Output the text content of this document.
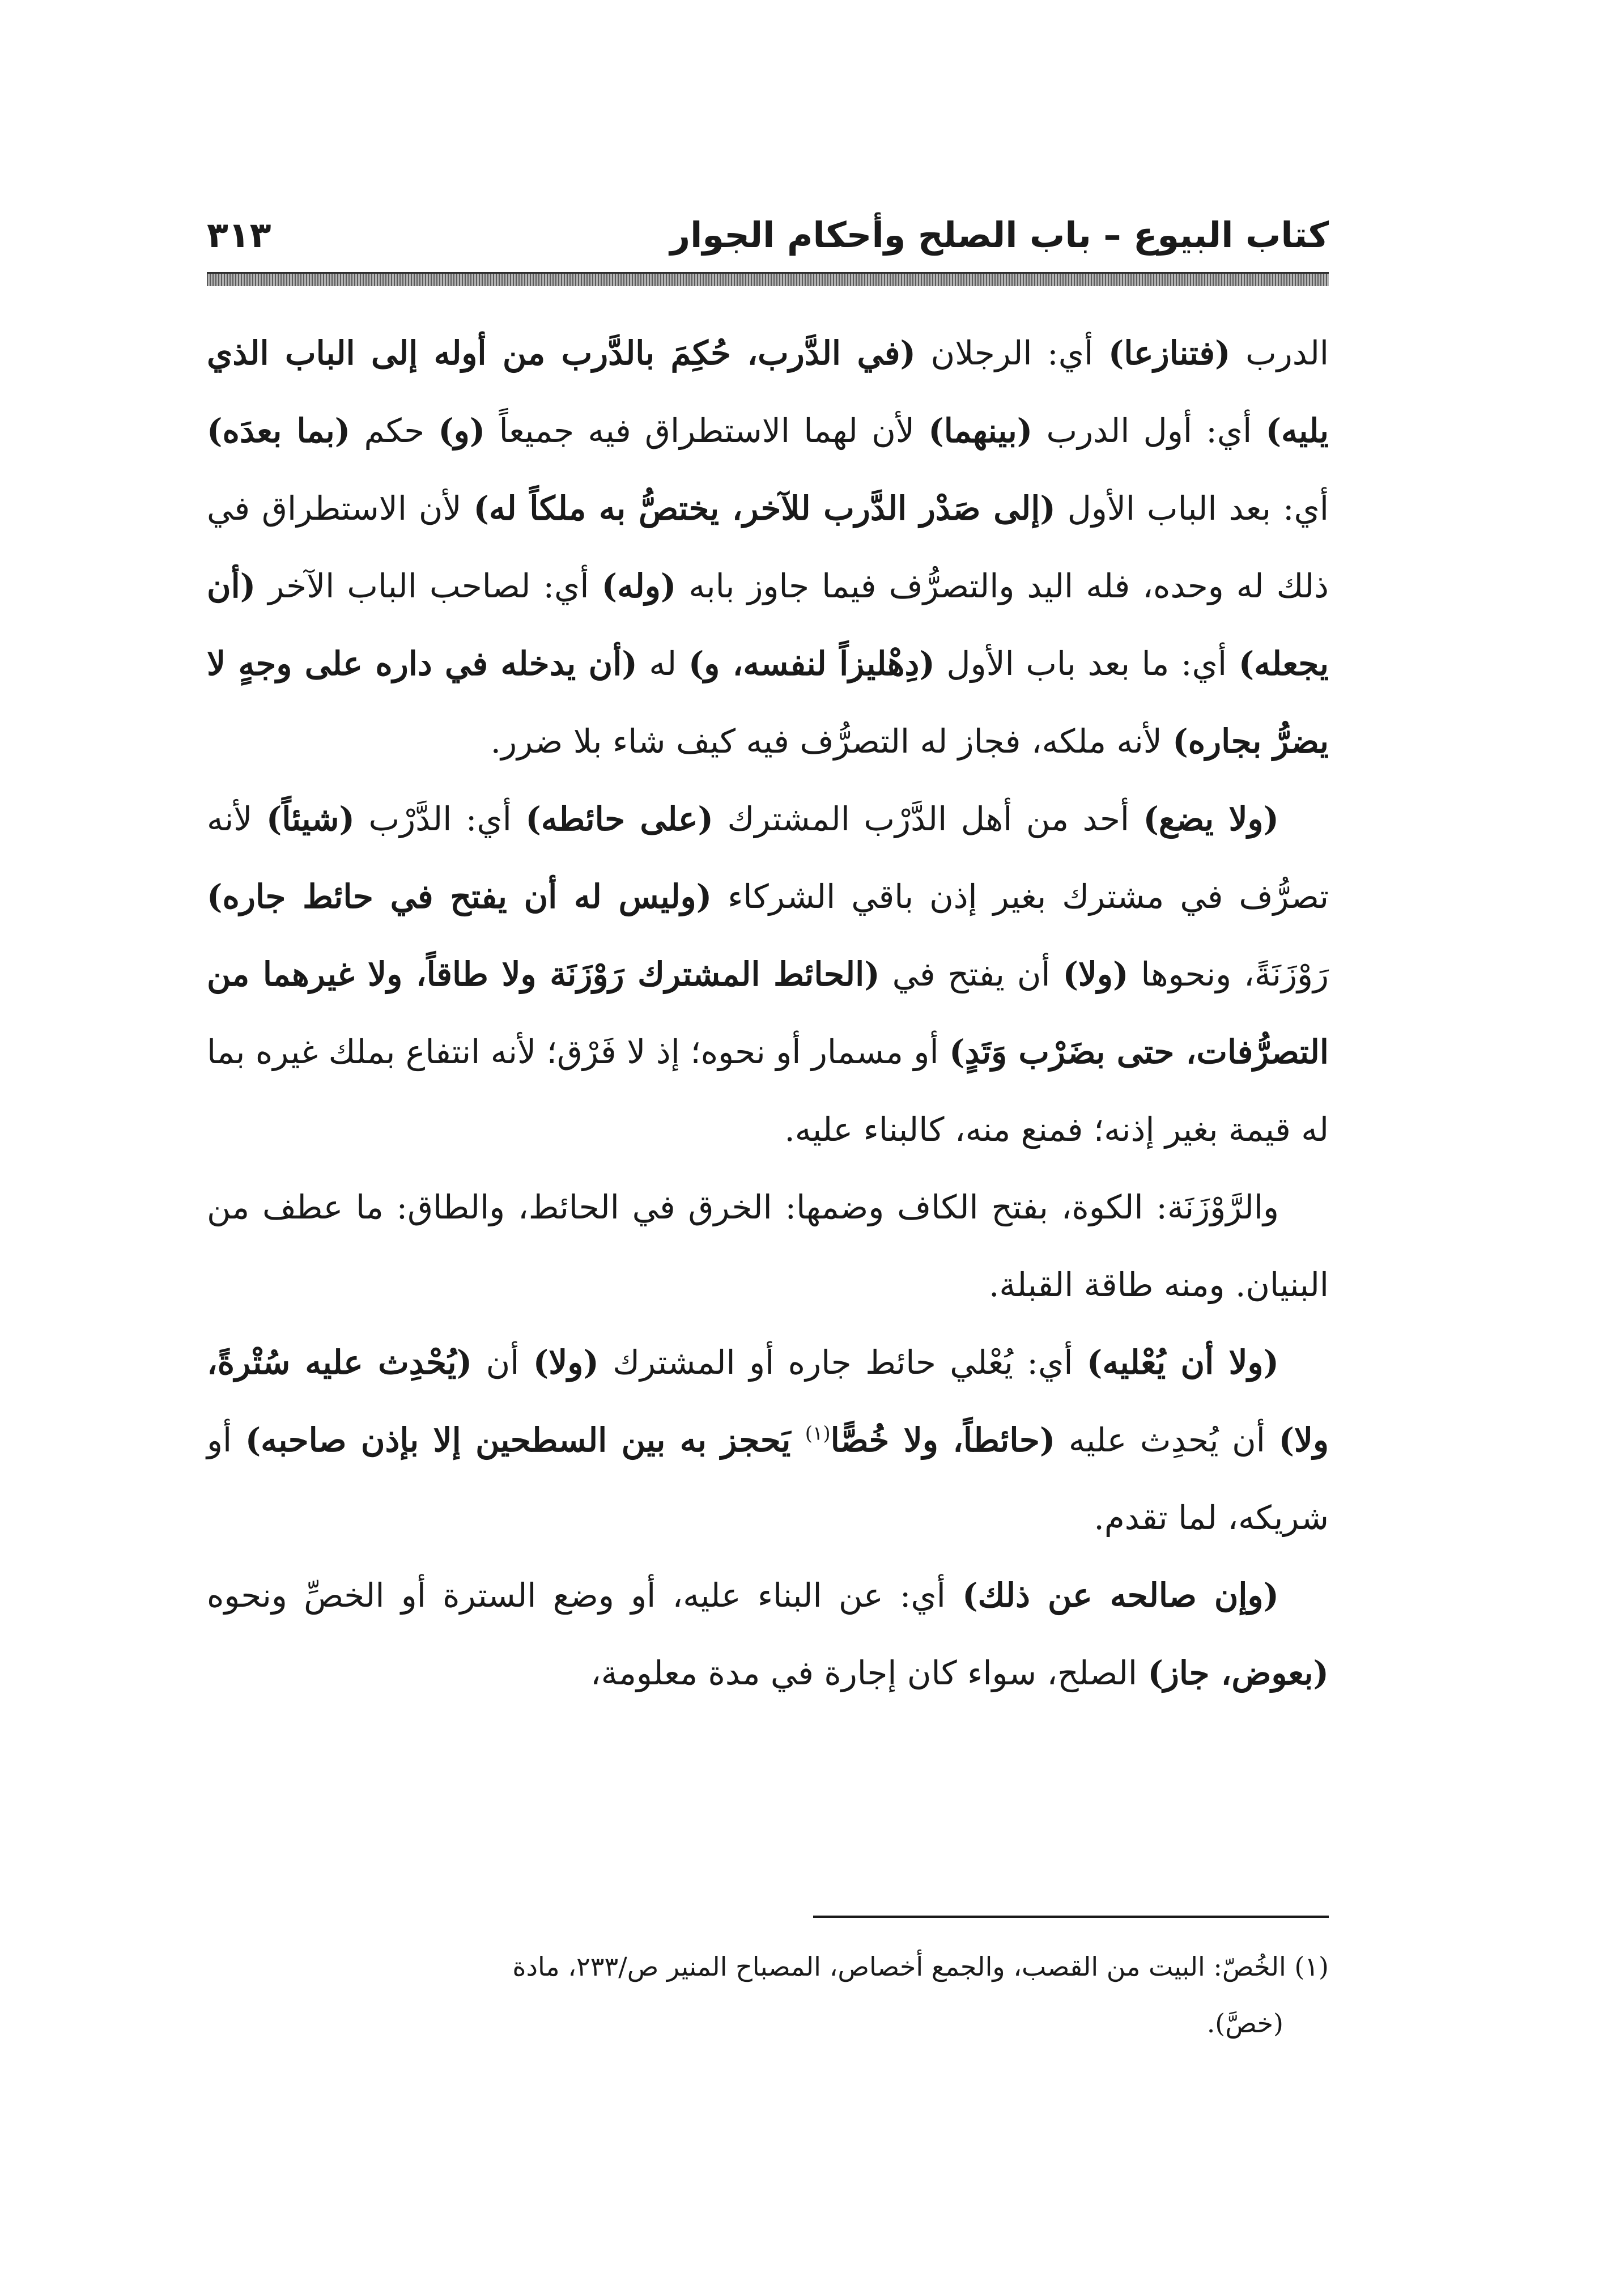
كتاب البيوع – باب الصلح وأحكام الجوار
٣١٣

الدرب (فتنازعا) أي: الرجلان (في الدَّرب، حُكِمَ بالدَّرب من أوله إلى الباب الذي يليه) أي: أول الدرب (بينهما) لأن لهما الاستطراق فيه جميعاً (و) حكم (بما بعدَه) أي: بعد الباب الأول (إلى صَدْر الدَّرب للآخر، يختصُّ به ملكاً له) لأن الاستطراق في ذلك له وحده، فله اليد والتصرُّف فيما جاوز بابه (وله) أي: لصاحب الباب الآخر (أن يجعله) أي: ما بعد باب الأول (دِهْليزاً لنفسه، و) له (أن يدخله في داره على وجهٍ لا يضرُّ بجاره) لأنه ملكه، فجاز له التصرُّف فيه كيف شاء بلا ضرر.

(ولا يضع) أحد من أهل الدَّرْب المشترك (على حائطه) أي: الدَّرْب (شيئاً) لأنه تصرُّف في مشترك بغير إذن باقي الشركاء (وليس له أن يفتح في حائط جاره) رَوْزَنَةً، ونحوها (ولا) أن يفتح في (الحائط المشترك رَوْزَنَة ولا طاقاً، ولا غيرهما من التصرُّفات، حتى بضَرْب وَتَدٍ) أو مسمار أو نحوه؛ إذ لا فَرْق؛ لأنه انتفاع بملك غيره بما له قيمة بغير إذنه؛ فمنع منه، كالبناء عليه.

والرَّوْزَنَة: الكوة، بفتح الكاف وضمها: الخرق في الحائط، والطاق: ما عطف من البنيان. ومنه طاقة القبلة.

(ولا أن يُعْليه) أي: يُعْلي حائط جاره أو المشترك (ولا) أن (يُحْدِث عليه سُتْرةً، ولا) أن يُحدِث عليه (حائطاً، ولا خُصًّا$^{(١)}$ يَحجز به بين السطحين إلا بإذن صاحبه) أو شريكه، لما تقدم.

(وإن صالحه عن ذلك) أي: عن البناء عليه، أو وضع السترة أو الخصِّ ونحوه (بعوض، جاز) الصلح، سواء كان إجارة في مدة معلومة،

(١) الخُصّ: البيت من القصب، والجمع أخصاص، المصباح المنير ص/٢٣٣، مادة

(خصَّ).
